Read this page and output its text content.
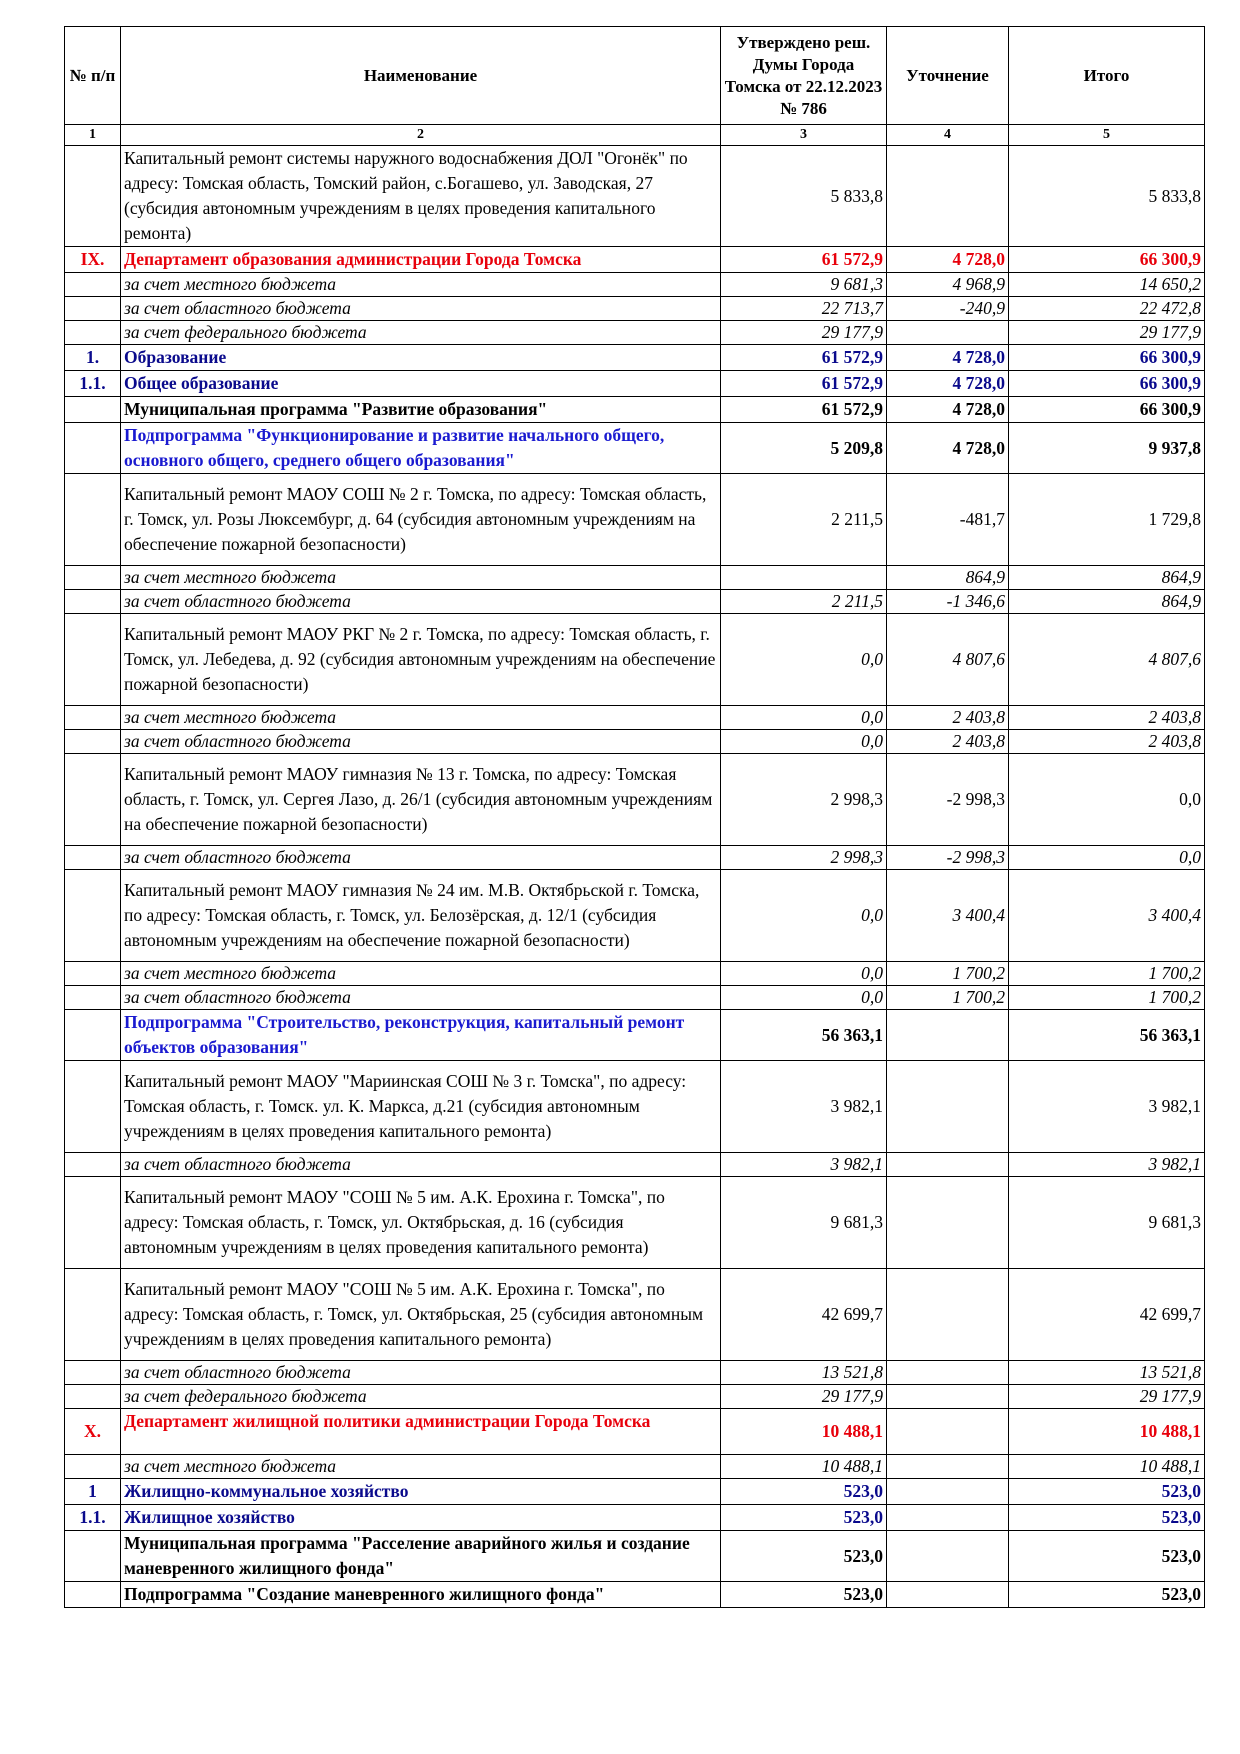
№ п/п	Наименование	Утверждено реш. Думы Города Томска от 22.12.2023 № 786	Уточнение	Итого
1	2	3	4	5
	Капитальный ремонт системы наружного водоснабжения ДОЛ "Огонёк" по адресу: Томская область, Томский район, с.Богашево, ул. Заводская, 27 (субсидия автономным учреждениям в целях проведения капитального ремонта)	5 833,8		5 833,8
IX.	Департамент образования администрации Города Томска	61 572,9	4 728,0	66 300,9
	за счет местного бюджета	9 681,3	4 968,9	14 650,2
	за счет областного бюджета	22 713,7	-240,9	22 472,8
	за счет федерального бюджета	29 177,9		29 177,9
1.	Образование	61 572,9	4 728,0	66 300,9
1.1.	Общее образование	61 572,9	4 728,0	66 300,9
	Муниципальная программа "Развитие образования"	61 572,9	4 728,0	66 300,9
	Подпрограмма "Функционирование и развитие начального общего, основного общего, среднего общего образования"	5 209,8	4 728,0	9 937,8
	Капитальный ремонт МАОУ СОШ № 2 г. Томска, по адресу: Томская область, г. Томск, ул. Розы Люксембург, д. 64 (субсидия автономным учреждениям на обеспечение пожарной безопасности)	2 211,5	-481,7	1 729,8
	за счет местного бюджета		864,9	864,9
	за счет областного бюджета	2 211,5	-1 346,6	864,9
	Капитальный ремонт МАОУ РКГ № 2 г. Томска, по адресу: Томская область, г. Томск, ул. Лебедева, д. 92 (субсидия автономным учреждениям на обеспечение пожарной безопасности)	0,0	4 807,6	4 807,6
	за счет местного бюджета	0,0	2 403,8	2 403,8
	за счет областного бюджета	0,0	2 403,8	2 403,8
	Капитальный ремонт МАОУ гимназия № 13 г. Томска, по адресу: Томская область, г. Томск, ул. Сергея Лазо, д. 26/1 (субсидия автономным учреждениям на обеспечение пожарной безопасности)	2 998,3	-2 998,3	0,0
	за счет областного бюджета	2 998,3	-2 998,3	0,0
	Капитальный ремонт МАОУ гимназия № 24 им. М.В. Октябрьской г. Томска, по адресу: Томская область, г. Томск, ул. Белозёрская, д. 12/1 (субсидия автономным учреждениям на обеспечение пожарной безопасности)	0,0	3 400,4	3 400,4
	за счет местного бюджета	0,0	1 700,2	1 700,2
	за счет областного бюджета	0,0	1 700,2	1 700,2
	Подпрограмма "Строительство, реконструкция, капитальный ремонт объектов образования"	56 363,1		56 363,1
	Капитальный ремонт МАОУ "Мариинская СОШ № 3 г. Томска", по адресу: Томская область, г. Томск. ул. К. Маркса, д.21 (субсидия автономным учреждениям в целях проведения капитального ремонта)	3 982,1		3 982,1
	за счет областного бюджета	3 982,1		3 982,1
	Капитальный ремонт МАОУ "СОШ № 5 им. А.К. Ерохина г. Томска", по адресу: Томская область, г. Томск, ул. Октябрьская, д. 16 (субсидия автономным учреждениям в целях проведения капитального ремонта)	9 681,3		9 681,3
	Капитальный ремонт МАОУ "СОШ № 5 им. А.К. Ерохина г. Томска", по адресу: Томская область, г. Томск, ул. Октябрьская, 25 (субсидия автономным учреждениям в целях проведения капитального ремонта)	42 699,7		42 699,7
	за счет областного бюджета	13 521,8		13 521,8
	за счет федерального бюджета	29 177,9		29 177,9
X.	Департамент жилищной политики администрации Города Томска	10 488,1		10 488,1
	за счет местного бюджета	10 488,1		10 488,1
1	Жилищно-коммунальное хозяйство	523,0		523,0
1.1.	Жилищное хозяйство	523,0		523,0
	Муниципальная программа "Расселение аварийного жилья и создание маневренного жилищного фонда"	523,0		523,0
	Подпрограмма "Создание маневренного жилищного фонда"	523,0		523,0
